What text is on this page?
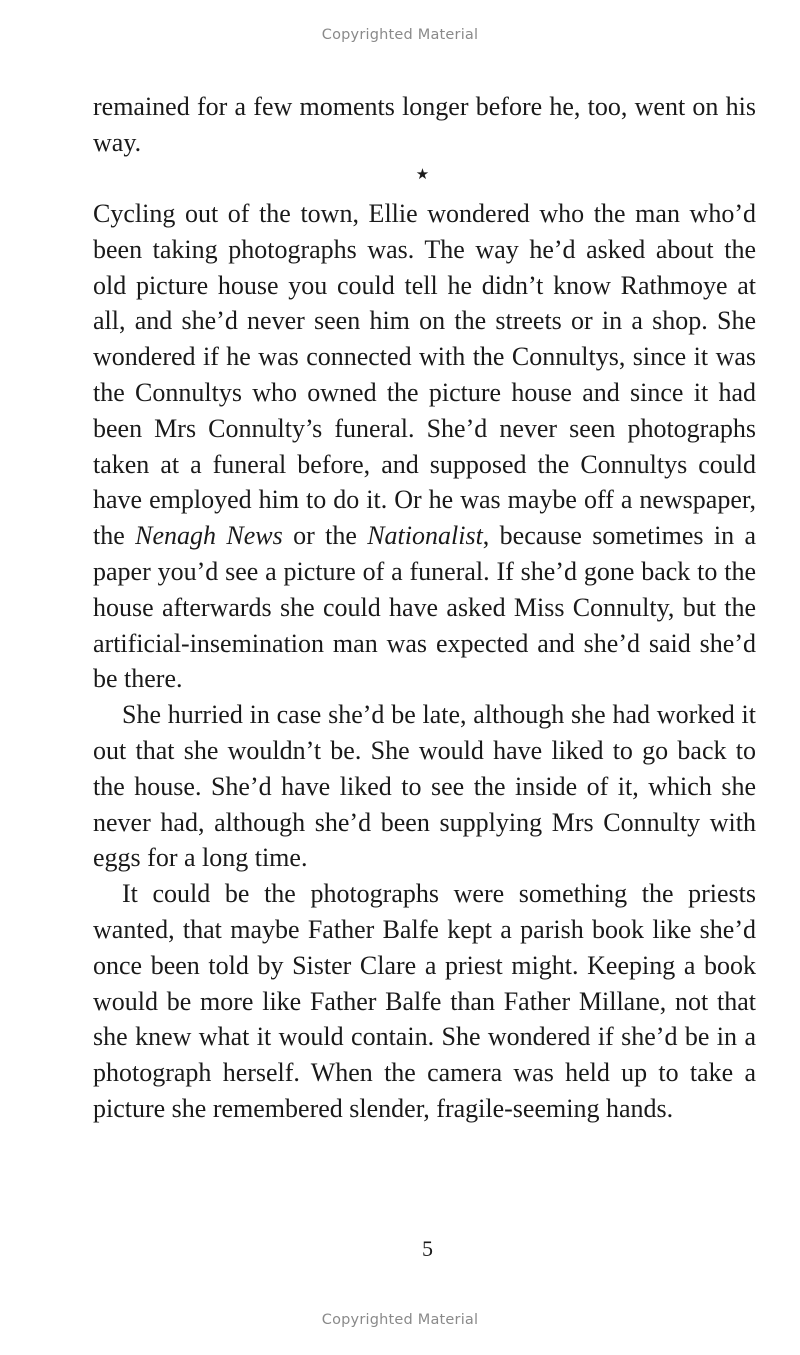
Copyrighted Material

remained for a few moments longer before he, too, went on his way.

★

Cycling out of the town, Ellie wondered who the man who’d been taking photographs was. The way he’d asked about the old picture house you could tell he didn’t know Rathmoye at all, and she’d never seen him on the streets or in a shop. She wondered if he was connected with the Connultys, since it was the Connultys who owned the picture house and since it had been Mrs Connulty’s funeral. She’d never seen photographs taken at a funeral before, and supposed the Connultys could have employed him to do it. Or he was maybe off a newspaper, the Nenagh News or the Nationalist, because sometimes in a paper you’d see a picture of a funeral. If she’d gone back to the house afterwards she could have asked Miss Connulty, but the artificial-insemination man was expected and she’d said she’d be there.

She hurried in case she’d be late, although she had worked it out that she wouldn’t be. She would have liked to go back to the house. She’d have liked to see the inside of it, which she never had, although she’d been supplying Mrs Connulty with eggs for a long time.

It could be the photographs were something the priests wanted, that maybe Father Balfe kept a parish book like she’d once been told by Sister Clare a priest might. Keeping a book would be more like Father Balfe than Father Millane, not that she knew what it would contain. She wondered if she’d be in a photograph herself. When the camera was held up to take a picture she remembered slender, fragile-seeming hands.

5
Copyrighted Material
